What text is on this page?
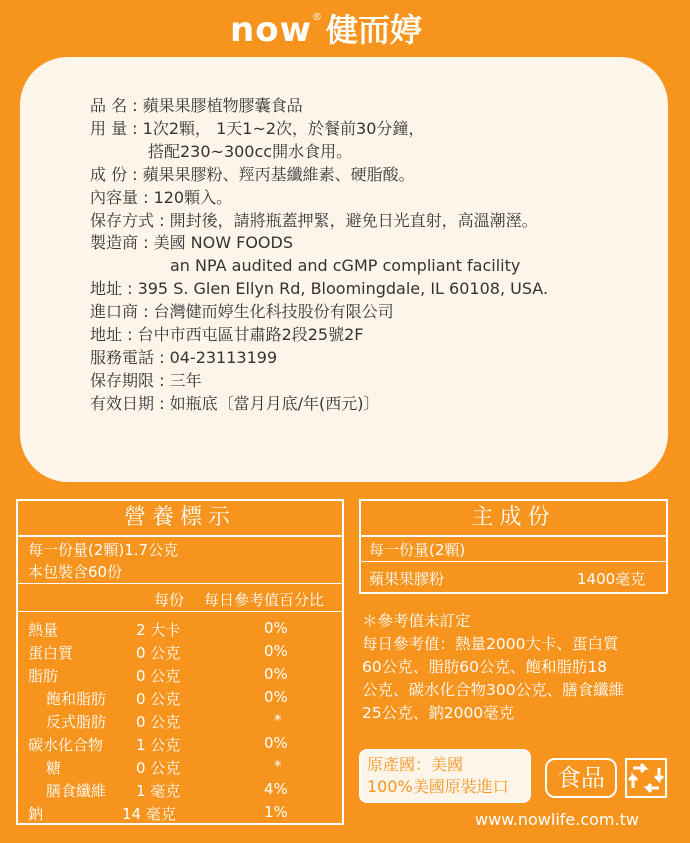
now ® 健而婷
品 名 : 蘋果果膠植物膠囊食品
用 量 : 1次2顆， 1天1~2次，於餐前30分鐘，
搭配230~300cc開水食用。
成 份 : 蘋果果膠粉、羥丙基纖維素、硬脂酸。
內容量 : 120顆入。
保存方式 : 開封後，請將瓶蓋押緊，避免日光直射，高溫潮溼。
製造商 : 美國 NOW FOODS
an NPA audited and cGMP compliant facility
地址 : 395 S. Glen Ellyn Rd, Bloomingdale, IL 60108, USA.
進口商 : 台灣健而婷生化科技股份有限公司
地址 : 台中市西屯區甘肅路2段25號2F
服務電話 : 04-23113199
保存期限 : 三年
有效日期 : 如瓶底〔當月月底/年(西元)〕
營養標示
每一份量(2顆)1.7公克
本包裝含60份
每份 每日參考值百分比
熱量	2 大卡	0%
蛋白質	0 公克	0%
脂肪	0 公克	0%
飽和脂肪 0 公克	0%
反式脂肪 0 公克	*
碳水化合物 1 公克	0%
糖	0 公克	*
膳食纖維 1 毫克	4%
鈉	14 毫克	1%
主成份
每一份量(2顆)
蘋果果膠粉	1400毫克
＊參考值未訂定
每日參考值：熱量2000大卡、蛋白質
60公克、脂肪60公克、飽和脂肪18
公克、碳水化合物300公克、膳食纖維
25公克、鈉2000毫克
原產國：美國
100%美國原裝進口	食品
www.nowlife.com.tw
